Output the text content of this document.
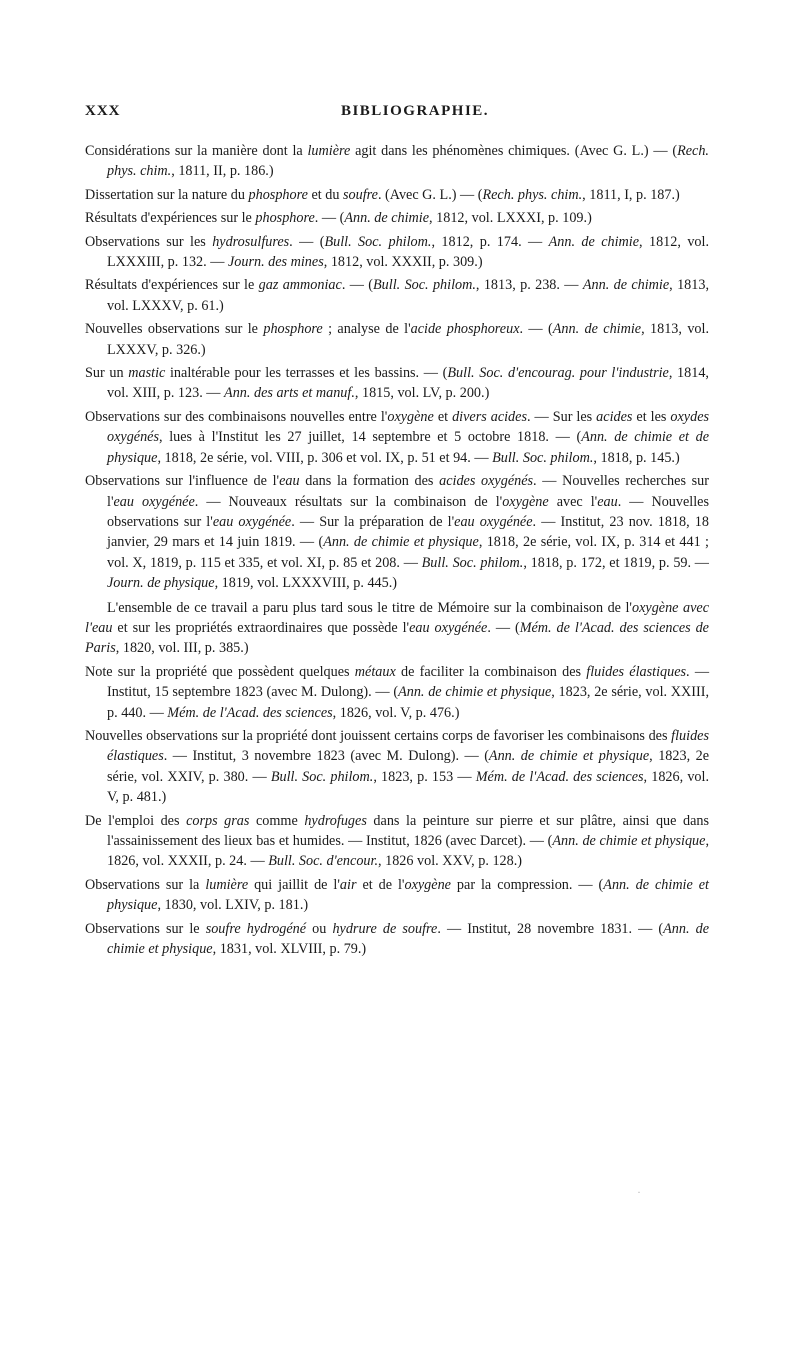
XXX	BIBLIOGRAPHIE.

Considérations sur la manière dont la lumière agit dans les phénomènes chimiques. (Avec G. L.) — (Rech. phys. chim., 1811, II, p. 186.)

Dissertation sur la nature du phosphore et du soufre. (Avec G. L.) — (Rech. phys. chim., 1811, I, p. 187.)

Résultats d'expériences sur le phosphore. — (Ann. de chimie, 1812, vol. LXXXI, p. 109.)

Observations sur les hydrosulfures. — (Bull. Soc. philom., 1812, p. 174. — Ann. de chimie, 1812, vol. LXXXIII, p. 132. — Journ. des mines, 1812, vol. XXXII, p. 309.)

Résultats d'expériences sur le gaz ammoniac. — (Bull. Soc. philom., 1813, p. 238. — Ann. de chimie, 1813, vol. LXXXV, p. 61.)

Nouvelles observations sur le phosphore ; analyse de l'acide phosphoreux. — (Ann. de chimie, 1813, vol. LXXXV, p. 326.)

Sur un mastic inaltérable pour les terrasses et les bassins. — (Bull. Soc. d'encourag. pour l'industrie, 1814, vol. XIII, p. 123. — Ann. des arts et manuf., 1815, vol. LV, p. 200.)

Observations sur des combinaisons nouvelles entre l'oxygène et divers acides. — Sur les acides et les oxydes oxygénés, lues à l'Institut les 27 juillet, 14 septembre et 5 octobre 1818. — (Ann. de chimie et de physique, 1818, 2e série, vol. VIII, p. 306 et vol. IX, p. 51 et 94. — Bull. Soc. philom., 1818, p. 145.)

Observations sur l'influence de l'eau dans la formation des acides oxygénés. — Nouvelles recherches sur l'eau oxygénée. — Nouveaux résultats sur la combinaison de l'oxygène avec l'eau. — Nouvelles observations sur l'eau oxygénée. — Sur la préparation de l'eau oxygénée. — Institut, 23 nov. 1818, 18 janvier, 29 mars et 14 juin 1819. — (Ann. de chimie et physique, 1818, 2e série, vol. IX, p. 314 et 441 ; vol. X, 1819, p. 115 et 335, et vol. XI, p. 85 et 208. — Bull. Soc. philom., 1818, p. 172, et 1819, p. 59. — Journ. de physique, 1819, vol. LXXXVIII, p. 445.)

L'ensemble de ce travail a paru plus tard sous le titre de Mémoire sur la combinaison de l'oxygène avec l'eau et sur les propriétés extraordinaires que possède l'eau oxygénée. — (Mém. de l'Acad. des sciences de Paris, 1820, vol. III, p. 385.)

Note sur la propriété que possèdent quelques métaux de faciliter la combinaison des fluides élastiques. — Institut, 15 septembre 1823 (avec M. Dulong). — (Ann. de chimie et physique, 1823, 2e série, vol. XXIII, p. 440. — Mém. de l'Acad. des sciences, 1826, vol. V, p. 476.)

Nouvelles observations sur la propriété dont jouissent certains corps de favoriser les combinaisons des fluides élastiques. — Institut, 3 novembre 1823 (avec M. Dulong). — (Ann. de chimie et physique, 1823, 2e série, vol. XXIV, p. 380. — Bull. Soc. philom., 1823, p. 153 — Mém. de l'Acad. des sciences, 1826, vol. V, p. 481.)

De l'emploi des corps gras comme hydrofuges dans la peinture sur pierre et sur plâtre, ainsi que dans l'assainissement des lieux bas et humides. — Institut, 1826 (avec Darcet). — (Ann. de chimie et physique, 1826, vol. XXXII, p. 24. — Bull. Soc. d'encour., 1826 vol. XXV, p. 128.)

Observations sur la lumière qui jaillit de l'air et de l'oxygène par la compression. — (Ann. de chimie et physique, 1830, vol. LXIV, p. 181.)

Observations sur le soufre hydrogéné ou hydrure de soufre. — Institut, 28 novembre 1831. — (Ann. de chimie et physique, 1831, vol. XLVIII, p. 79.)

·
